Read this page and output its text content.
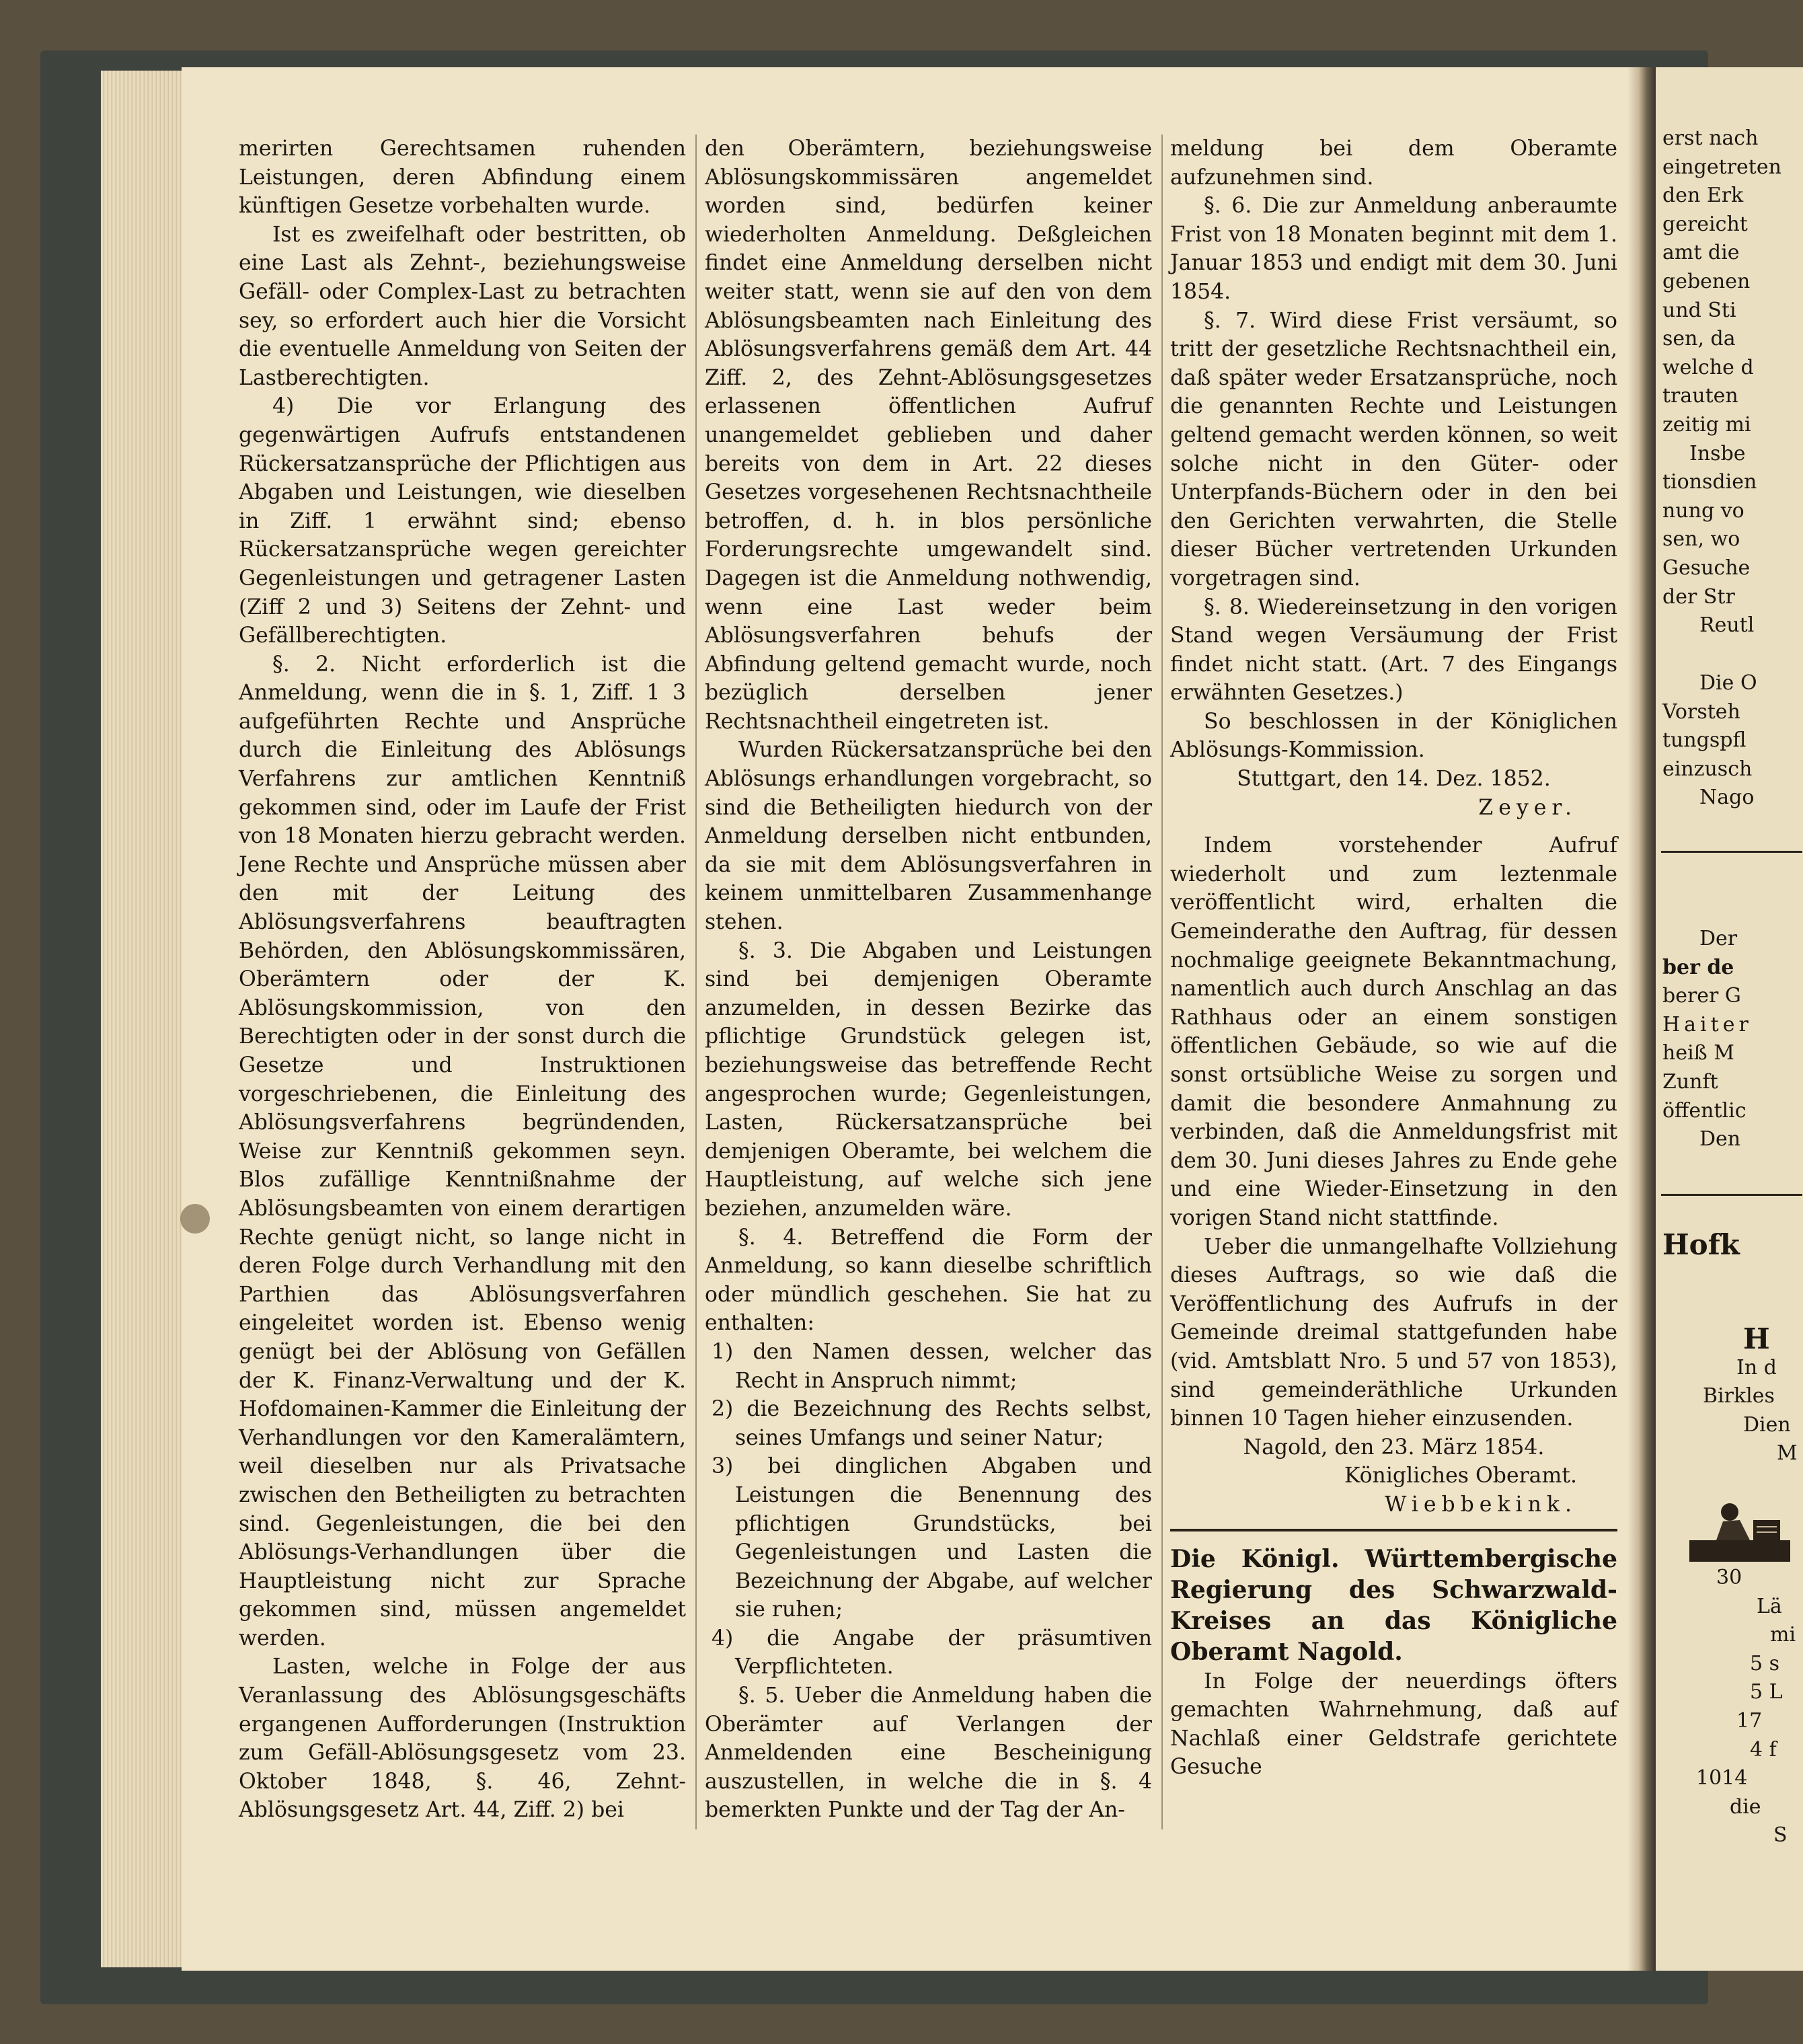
merirten Gerechtsamen ruhenden Leistungen, deren Abfindung einem künftigen Gesetze vorbehalten wurde.

Ist es zweifelhaft oder bestritten, ob eine Last als Zehnt-, beziehungsweise Gefäll- oder Complex-Last zu betrachten sey, so erfordert auch hier die Vorsicht die eventuelle Anmeldung von Seiten der Lastberechtigten.

4) Die vor Erlangung des gegenwärtigen Aufrufs entstandenen Rückersatzansprüche der Pflichtigen aus Abgaben und Leistungen, wie dieselben in Ziff. 1 erwähnt sind; ebenso Rückersatzansprüche wegen gereichter Gegenleistungen und getragener Lasten (Ziff 2 und 3) Seitens der Zehnt- und Gefällberechtigten.

§. 2. Nicht erforderlich ist die Anmeldung, wenn die in §. 1, Ziff. 1 3 aufgeführten Rechte und Ansprüche durch die Einleitung des Ablösungs Verfahrens zur amtlichen Kenntniß gekommen sind, oder im Laufe der Frist von 18 Monaten hierzu gebracht werden. Jene Rechte und Ansprüche müssen aber den mit der Leitung des Ablösungsverfahrens beauftragten Behörden, den Ablösungskommissären, Oberämtern oder der K. Ablösungskommission, von den Berechtigten oder in der sonst durch die Gesetze und Instruktionen vorgeschriebenen, die Einleitung des Ablösungsverfahrens begründenden, Weise zur Kenntniß gekommen seyn. Blos zufällige Kenntnißnahme der Ablösungsbeamten von einem derartigen Rechte genügt nicht, so lange nicht in deren Folge durch Verhandlung mit den Parthien das Ablösungsverfahren eingeleitet worden ist. Ebenso wenig genügt bei der Ablösung von Gefällen der K. Finanz-Verwaltung und der K. Hofdomainen-Kammer die Einleitung der Verhandlungen vor den Kameralämtern, weil dieselben nur als Privatsache zwischen den Betheiligten zu betrachten sind. Gegenleistungen, die bei den Ablösungs-Verhandlungen über die Hauptleistung nicht zur Sprache gekommen sind, müssen angemeldet werden.

Lasten, welche in Folge der aus Veranlassung des Ablösungsgeschäfts ergangenen Aufforderungen (Instruktion zum Gefäll-Ablösungsgesetz vom 23. Oktober 1848, §. 46, Zehnt-Ablösungsgesetz Art. 44, Ziff. 2) bei

den Oberämtern, beziehungsweise Ablösungskommissären angemeldet worden sind, bedürfen keiner wiederholten Anmeldung. Deßgleichen findet eine Anmeldung derselben nicht weiter statt, wenn sie auf den von dem Ablösungsbeamten nach Einleitung des Ablösungsverfahrens gemäß dem Art. 44 Ziff. 2, des Zehnt-Ablösungsgesetzes erlassenen öffentlichen Aufruf unangemeldet geblieben und daher bereits von dem in Art. 22 dieses Gesetzes vorgesehenen Rechtsnachtheile betroffen, d. h. in blos persönliche Forderungsrechte umgewandelt sind. Dagegen ist die Anmeldung nothwendig, wenn eine Last weder beim Ablösungsverfahren behufs der Abfindung geltend gemacht wurde, noch bezüglich derselben jener Rechtsnachtheil eingetreten ist.

Wurden Rückersatzansprüche bei den Ablösungs erhandlungen vorgebracht, so sind die Betheiligten hiedurch von der Anmeldung derselben nicht entbunden, da sie mit dem Ablösungsverfahren in keinem unmittelbaren Zusammenhange stehen.

§. 3. Die Abgaben und Leistungen sind bei demjenigen Oberamte anzumelden, in dessen Bezirke das pflichtige Grundstück gelegen ist, beziehungsweise das betreffende Recht angesprochen wurde; Gegenleistungen, Lasten, Rückersatzansprüche bei demjenigen Oberamte, bei welchem die Hauptleistung, auf welche sich jene beziehen, anzumelden wäre.

§. 4. Betreffend die Form der Anmeldung, so kann dieselbe schriftlich oder mündlich geschehen. Sie hat zu enthalten:

1) den Namen dessen, welcher das Recht in Anspruch nimmt;

2) die Bezeichnung des Rechts selbst, seines Umfangs und seiner Natur;

3) bei dinglichen Abgaben und Leistungen die Benennung des pflichtigen Grundstücks, bei Gegenleistungen und Lasten die Bezeichnung der Abgabe, auf welcher sie ruhen;

4) die Angabe der präsumtiven Verpflichteten.

§. 5. Ueber die Anmeldung haben die Oberämter auf Verlangen der Anmeldenden eine Bescheinigung auszustellen, in welche die in §. 4 bemerkten Punkte und der Tag der An-

meldung bei dem Oberamte aufzunehmen sind.

§. 6. Die zur Anmeldung anberaumte Frist von 18 Monaten beginnt mit dem 1. Januar 1853 und endigt mit dem 30. Juni 1854.

§. 7. Wird diese Frist versäumt, so tritt der gesetzliche Rechtsnachtheil ein, daß später weder Ersatzansprüche, noch die genannten Rechte und Leistungen geltend gemacht werden können, so weit solche nicht in den Güter- oder Unterpfands-Büchern oder in den bei den Gerichten verwahrten, die Stelle dieser Bücher vertretenden Urkunden vorgetragen sind.

§. 8. Wiedereinsetzung in den vorigen Stand wegen Versäumung der Frist findet nicht statt. (Art. 7 des Eingangs erwähnten Gesetzes.)

So beschlossen in der Königlichen Ablösungs-Kommission.

Stuttgart, den 14. Dez. 1852.

Zeyer.

Indem vorstehender Aufruf wiederholt und zum leztenmale veröffentlicht wird, erhalten die Gemeinderathe den Auftrag, für dessen nochmalige geeignete Bekanntmachung, namentlich auch durch Anschlag an das Rathhaus oder an einem sonstigen öffentlichen Gebäude, so wie auf die sonst ortsübliche Weise zu sorgen und damit die besondere Anmahnung zu verbinden, daß die Anmeldungsfrist mit dem 30. Juni dieses Jahres zu Ende gehe und eine Wieder-Einsetzung in den vorigen Stand nicht stattfinde.

Ueber die unmangelhafte Vollziehung dieses Auftrags, so wie daß die Veröffentlichung des Aufrufs in der Gemeinde dreimal stattgefunden habe (vid. Amtsblatt Nro. 5 und 57 von 1853), sind gemeinderäthliche Urkunden binnen 10 Tagen hieher einzusenden.

Nagold, den 23. März 1854.

Königliches Oberamt.

Wiebbekink.

Die Königl. Württembergische Regierung des Schwarzwald-Kreises an das Königliche Oberamt Nagold.

In Folge der neuerdings öfters gemachten Wahrnehmung, daß auf Nachlaß einer Geldstrafe gerichtete Gesuche

erst nach
eingetreten
den Erk
gereicht
amt die
gebenen
und Sti
sen, da
welche d
trauten
zeitig mi
Insbe
tionsdien
nung vo
sen, wo
Gesuche
der Str
Reutl
Die O
Vorsteh
tungspfl
einzusch
Nago
Der
ber de
berer G
Haiter
heiß M
Zunft
öffentlic
Den
Hofk
H
In d
Birkles
Dien
M
30
Lä
mi
5 s
5 L
17
4 f
1014
die
S
